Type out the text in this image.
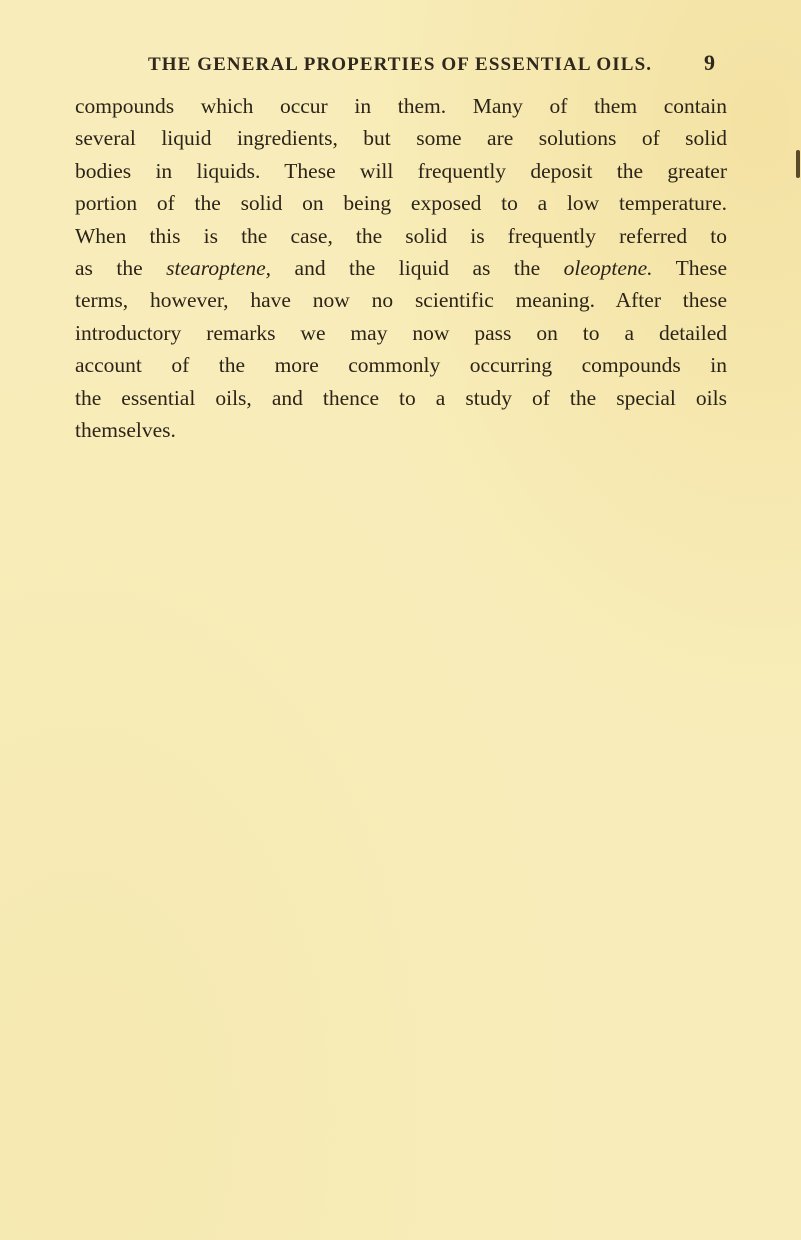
THE GENERAL PROPERTIES OF ESSENTIAL OILS. 9
compounds which occur in them. Many of them contain
several liquid ingredients, but some are solutions of solid
bodies in liquids. These will frequently deposit the greater
portion of the solid on being exposed to a low temperature.
When this is the case, the solid is frequently referred to
as the stearoptene, and the liquid as the oleoptene. These
terms, however, have now no scientific meaning. After these
introductory remarks we may now pass on to a detailed
account of the more commonly occurring compounds in
the essential oils, and thence to a study of the special oils
themselves.
